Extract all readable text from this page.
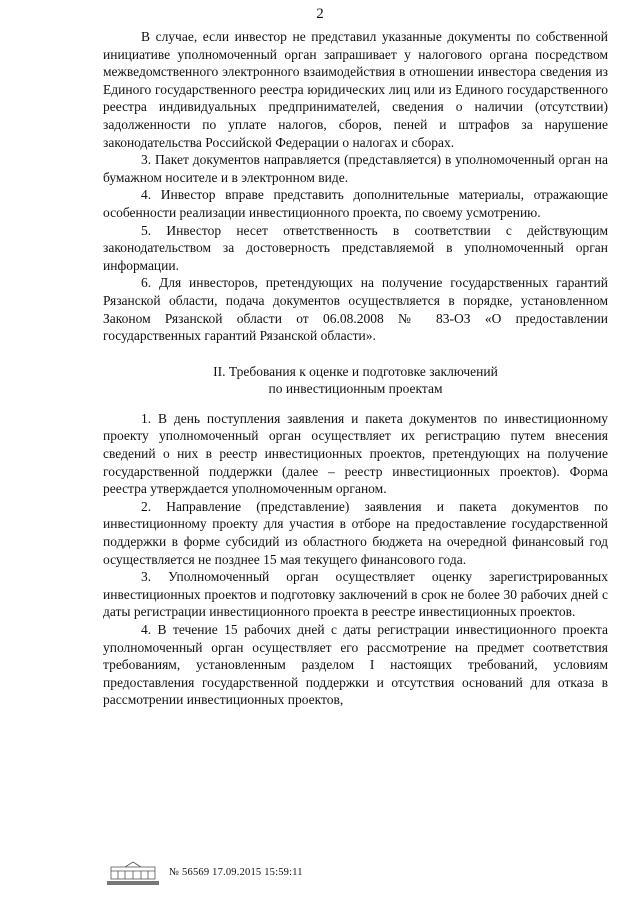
2

В случае, если инвестор не представил указанные документы по собственной инициативе уполномоченный орган запрашивает у налогового органа посредством межведомственного электронного взаимодействия в отношении инвестора сведения из Единого государственного реестра юридических лиц или из Единого государственного реестра индивидуальных предпринимателей, сведения о наличии (отсутствии) задолженности по уплате налогов, сборов, пеней и штрафов за нарушение законодательства Российской Федерации о налогах и сборах.

3. Пакет документов направляется (представляется) в уполномоченный орган на бумажном носителе и в электронном виде.

4. Инвестор вправе представить дополнительные материалы, отражающие особенности реализации инвестиционного проекта, по своему усмотрению.

5. Инвестор несет ответственность в соответствии с действующим законодательством за достоверность представляемой в уполномоченный орган информации.

6. Для инвесторов, претендующих на получение государственных гарантий Рязанской области, подача документов осуществляется в порядке, установленном Законом Рязанской области от 06.08.2008 № 83-ОЗ «О предоставлении государственных гарантий Рязанской области».

II. Требования к оценке и подготовке заключений
по инвестиционным проектам

1. В день поступления заявления и пакета документов по инвестиционному проекту уполномоченный орган осуществляет их регистрацию путем внесения сведений о них в реестр инвестиционных проектов, претендующих на получение государственной поддержки (далее – реестр инвестиционных проектов). Форма реестра утверждается уполномоченным органом.

2. Направление (представление) заявления и пакета документов по инвестиционному проекту для участия в отборе на предоставление государственной поддержки в форме субсидий из областного бюджета на очередной финансовый год осуществляется не позднее 15 мая текущего финансового года.

3. Уполномоченный орган осуществляет оценку зарегистрированных инвестиционных проектов и подготовку заключений в срок не более 30 рабочих дней с даты регистрации инвестиционного проекта в реестре инвестиционных проектов.

4. В течение 15 рабочих дней с даты регистрации инвестиционного проекта уполномоченный орган осуществляет его рассмотрение на предмет соответствия требованиям, установленным разделом I настоящих требований, условиям предоставления государственной поддержки и отсутствия оснований для отказа в рассмотрении инвестиционных проектов,

№ 56569 17.09.2015 15:59:11
